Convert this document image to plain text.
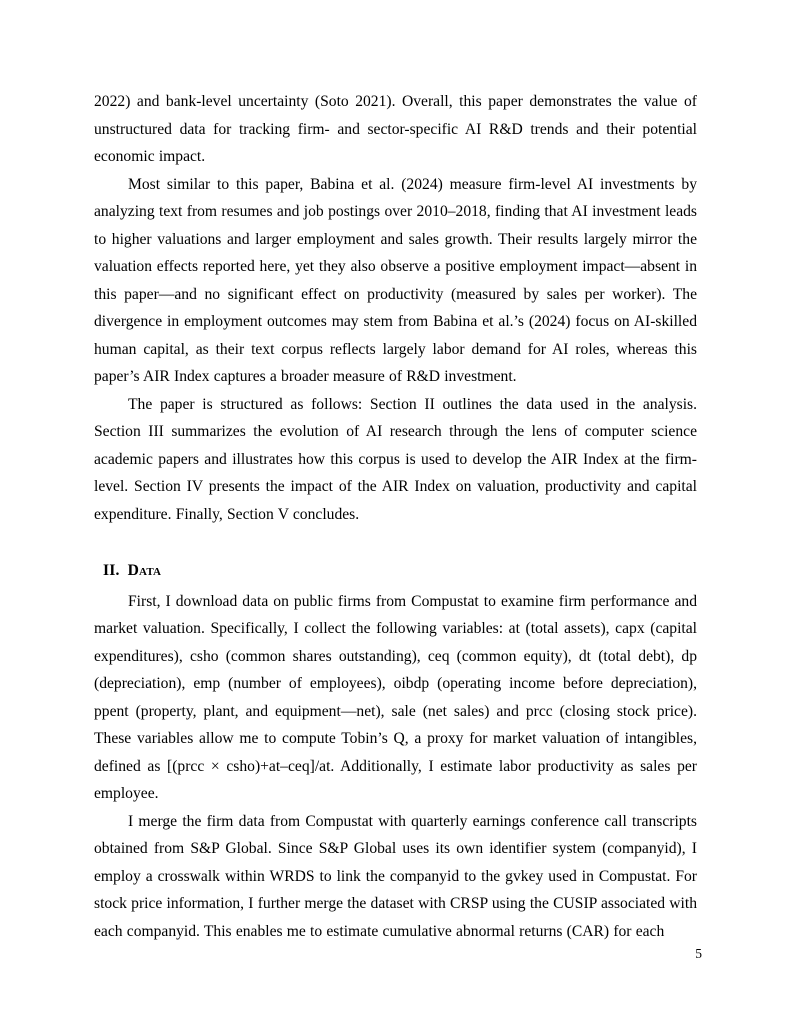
2022) and bank-level uncertainty (Soto 2021). Overall, this paper demonstrates the value of unstructured data for tracking firm- and sector-specific AI R&D trends and their potential economic impact.

Most similar to this paper, Babina et al. (2024) measure firm-level AI investments by analyzing text from resumes and job postings over 2010–2018, finding that AI investment leads to higher valuations and larger employment and sales growth. Their results largely mirror the valuation effects reported here, yet they also observe a positive employment impact—absent in this paper—and no significant effect on productivity (measured by sales per worker). The divergence in employment outcomes may stem from Babina et al.’s (2024) focus on AI-skilled human capital, as their text corpus reflects largely labor demand for AI roles, whereas this paper’s AIR Index captures a broader measure of R&D investment.

The paper is structured as follows: Section II outlines the data used in the analysis. Section III summarizes the evolution of AI research through the lens of computer science academic papers and illustrates how this corpus is used to develop the AIR Index at the firm-level. Section IV presents the impact of the AIR Index on valuation, productivity and capital expenditure. Finally, Section V concludes.

II. Data

First, I download data on public firms from Compustat to examine firm performance and market valuation. Specifically, I collect the following variables: at (total assets), capx (capital expenditures), csho (common shares outstanding), ceq (common equity), dt (total debt), dp (depreciation), emp (number of employees), oibdp (operating income before depreciation), ppent (property, plant, and equipment—net), sale (net sales) and prcc (closing stock price). These variables allow me to compute Tobin’s Q, a proxy for market valuation of intangibles, defined as [(prcc × csho)+at–ceq]/at. Additionally, I estimate labor productivity as sales per employee.

I merge the firm data from Compustat with quarterly earnings conference call transcripts obtained from S&P Global. Since S&P Global uses its own identifier system (companyid), I employ a crosswalk within WRDS to link the companyid to the gvkey used in Compustat. For stock price information, I further merge the dataset with CRSP using the CUSIP associated with each companyid. This enables me to estimate cumulative abnormal returns (CAR) for each

5
